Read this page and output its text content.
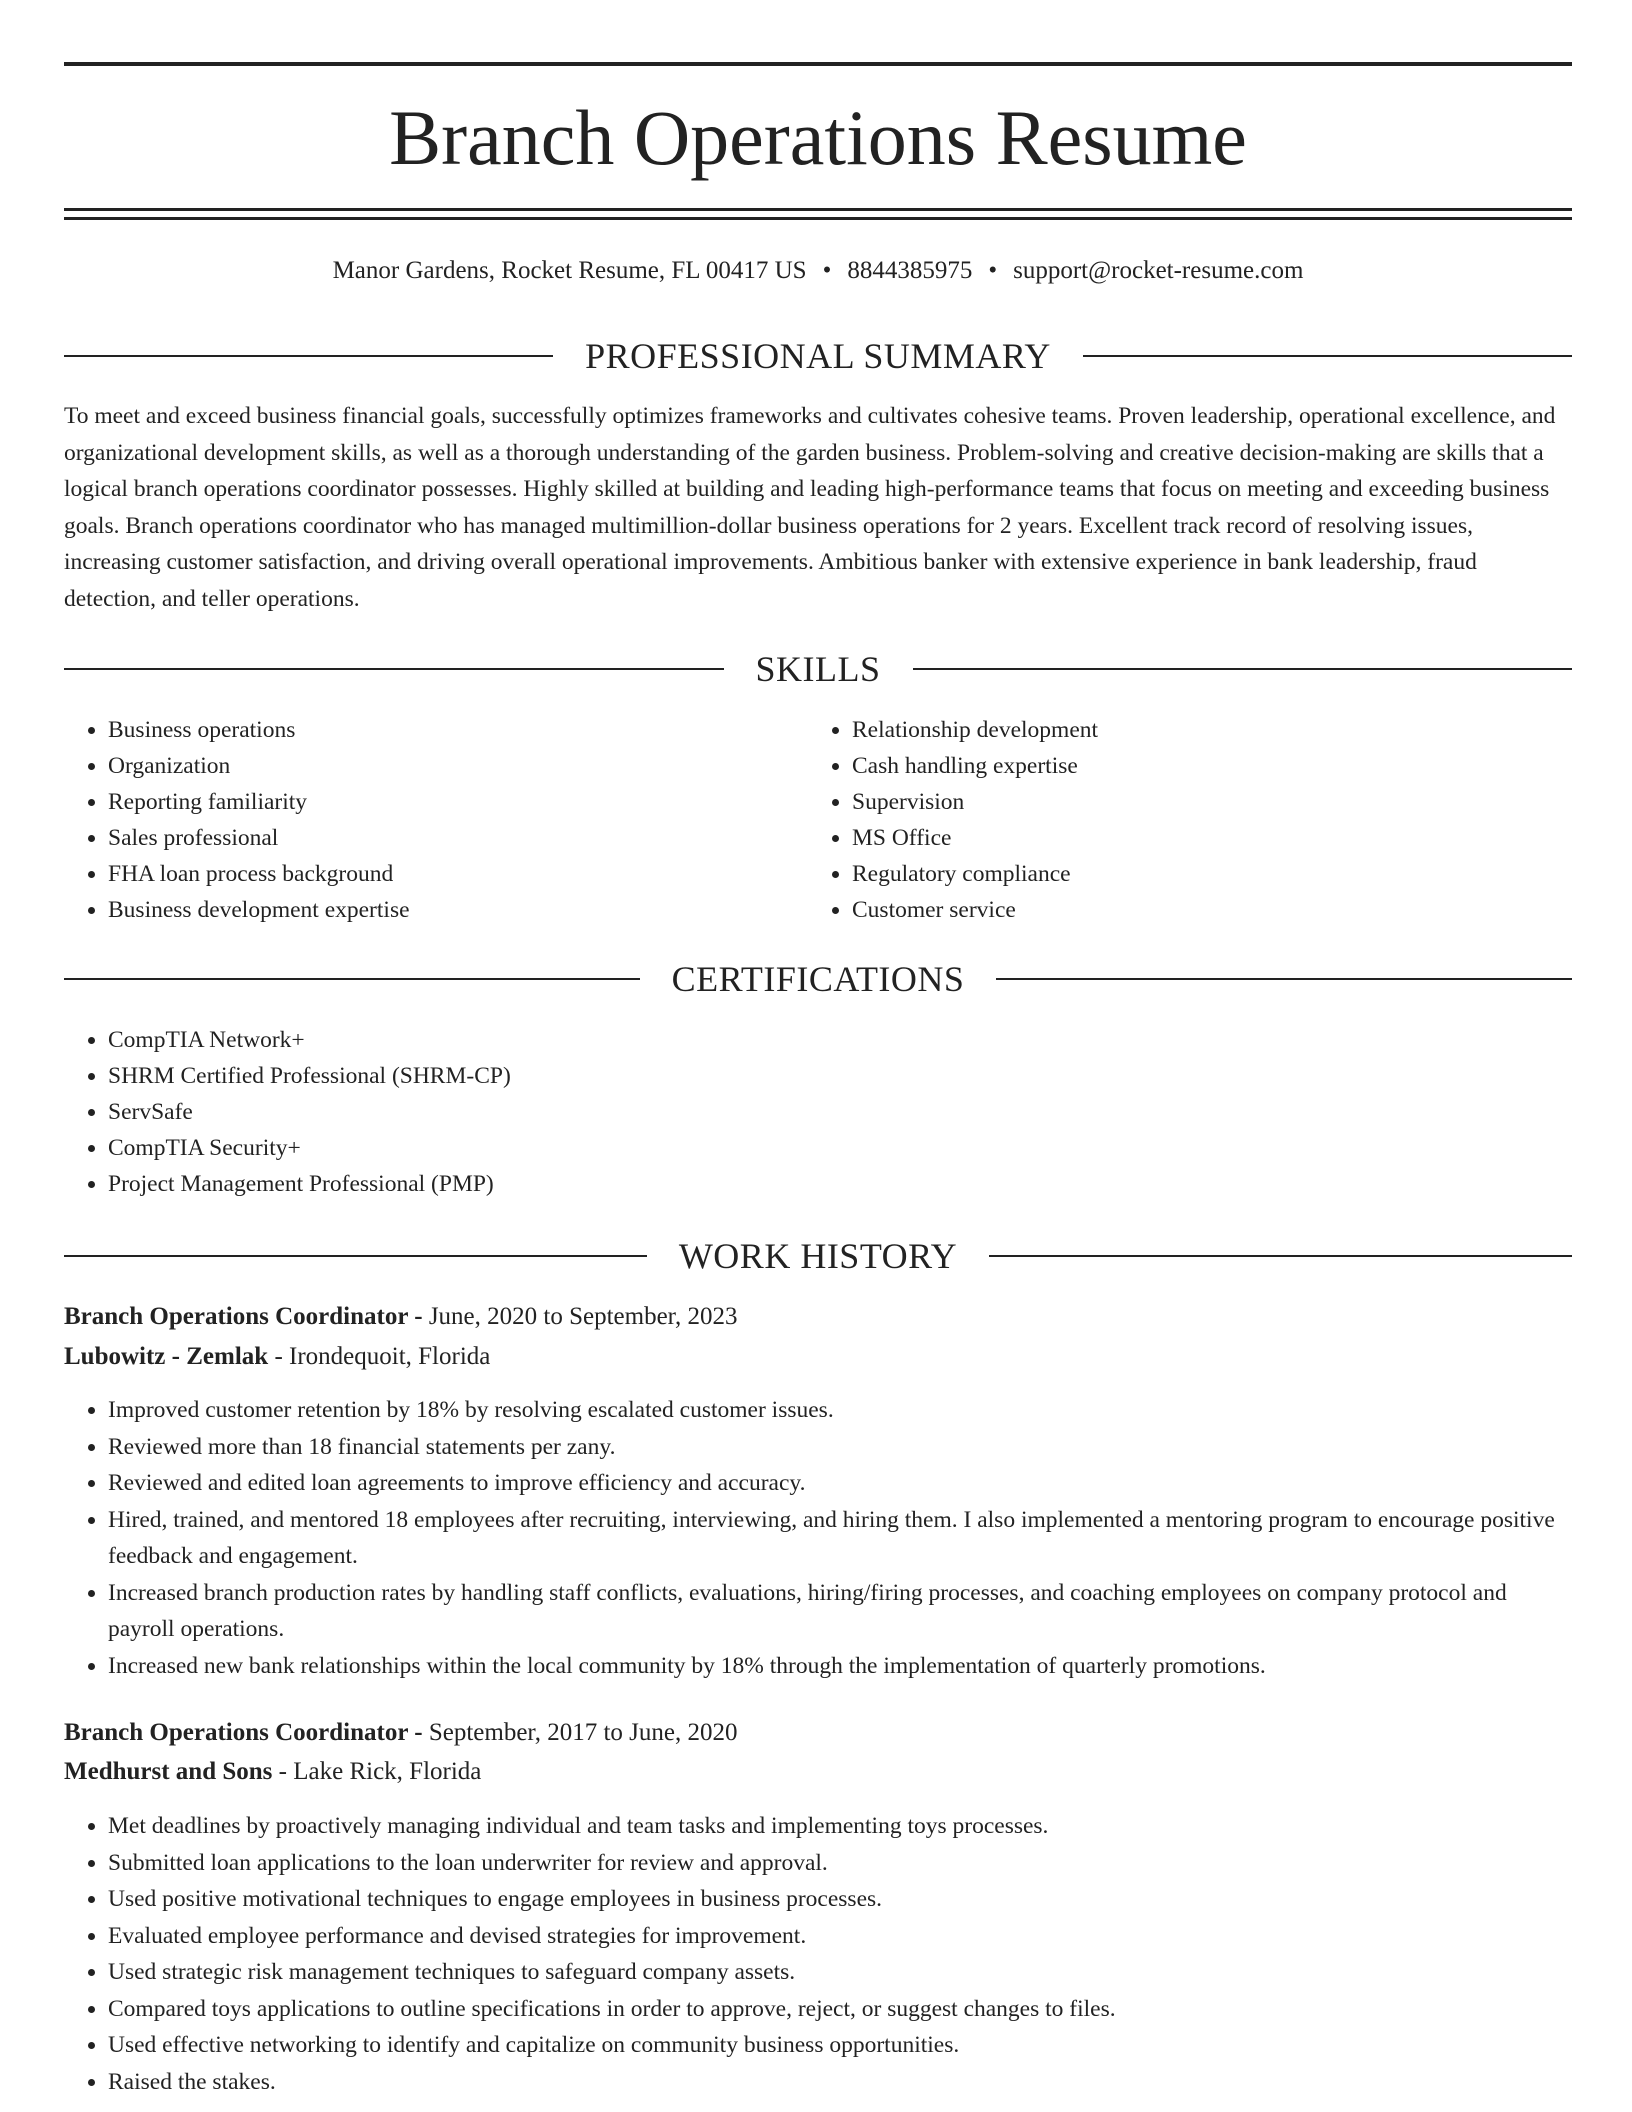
Branch Operations Resume
Manor Gardens, Rocket Resume, FL 00417 US • 8844385975 • support@rocket-resume.com
PROFESSIONAL SUMMARY

To meet and exceed business financial goals, successfully optimizes frameworks and cultivates cohesive teams. Proven leadership, operational excellence, and organizational development skills, as well as a thorough understanding of the garden business. Problem-solving and creative decision-making are skills that a logical branch operations coordinator possesses. Highly skilled at building and leading high-performance teams that focus on meeting and exceeding business goals. Branch operations coordinator who has managed multimillion-dollar business operations for 2 years. Excellent track record of resolving issues, increasing customer satisfaction, and driving overall operational improvements. Ambitious banker with extensive experience in bank leadership, fraud detection, and teller operations.

SKILLS
• Business operations
• Organization
• Reporting familiarity
• Sales professional
• FHA loan process background
• Business development expertise
• Relationship development
• Cash handling expertise
• Supervision
• MS Office
• Regulatory compliance
• Customer service
CERTIFICATIONS
• CompTIA Network+
• SHRM Certified Professional (SHRM-CP)
• ServSafe
• CompTIA Security+
• Project Management Professional (PMP)
WORK HISTORY
Branch Operations Coordinator - June, 2020 to September, 2023
Lubowitz - Zemlak - Irondequoit, Florida
• Improved customer retention by 18% by resolving escalated customer issues.
• Reviewed more than 18 financial statements per zany.
• Reviewed and edited loan agreements to improve efficiency and accuracy.
• Hired, trained, and mentored 18 employees after recruiting, interviewing, and hiring them. I also implemented a mentoring program to encourage positive feedback and engagement.
• Increased branch production rates by handling staff conflicts, evaluations, hiring/firing processes, and coaching employees on company protocol and payroll operations.
• Increased new bank relationships within the local community by 18% through the implementation of quarterly promotions.
Branch Operations Coordinator - September, 2017 to June, 2020
Medhurst and Sons - Lake Rick, Florida
• Met deadlines by proactively managing individual and team tasks and implementing toys processes.
• Submitted loan applications to the loan underwriter for review and approval.
• Used positive motivational techniques to engage employees in business processes.
• Evaluated employee performance and devised strategies for improvement.
• Used strategic risk management techniques to safeguard company assets.
• Compared toys applications to outline specifications in order to approve, reject, or suggest changes to files.
• Used effective networking to identify and capitalize on community business opportunities.
• Raised the stakes.
